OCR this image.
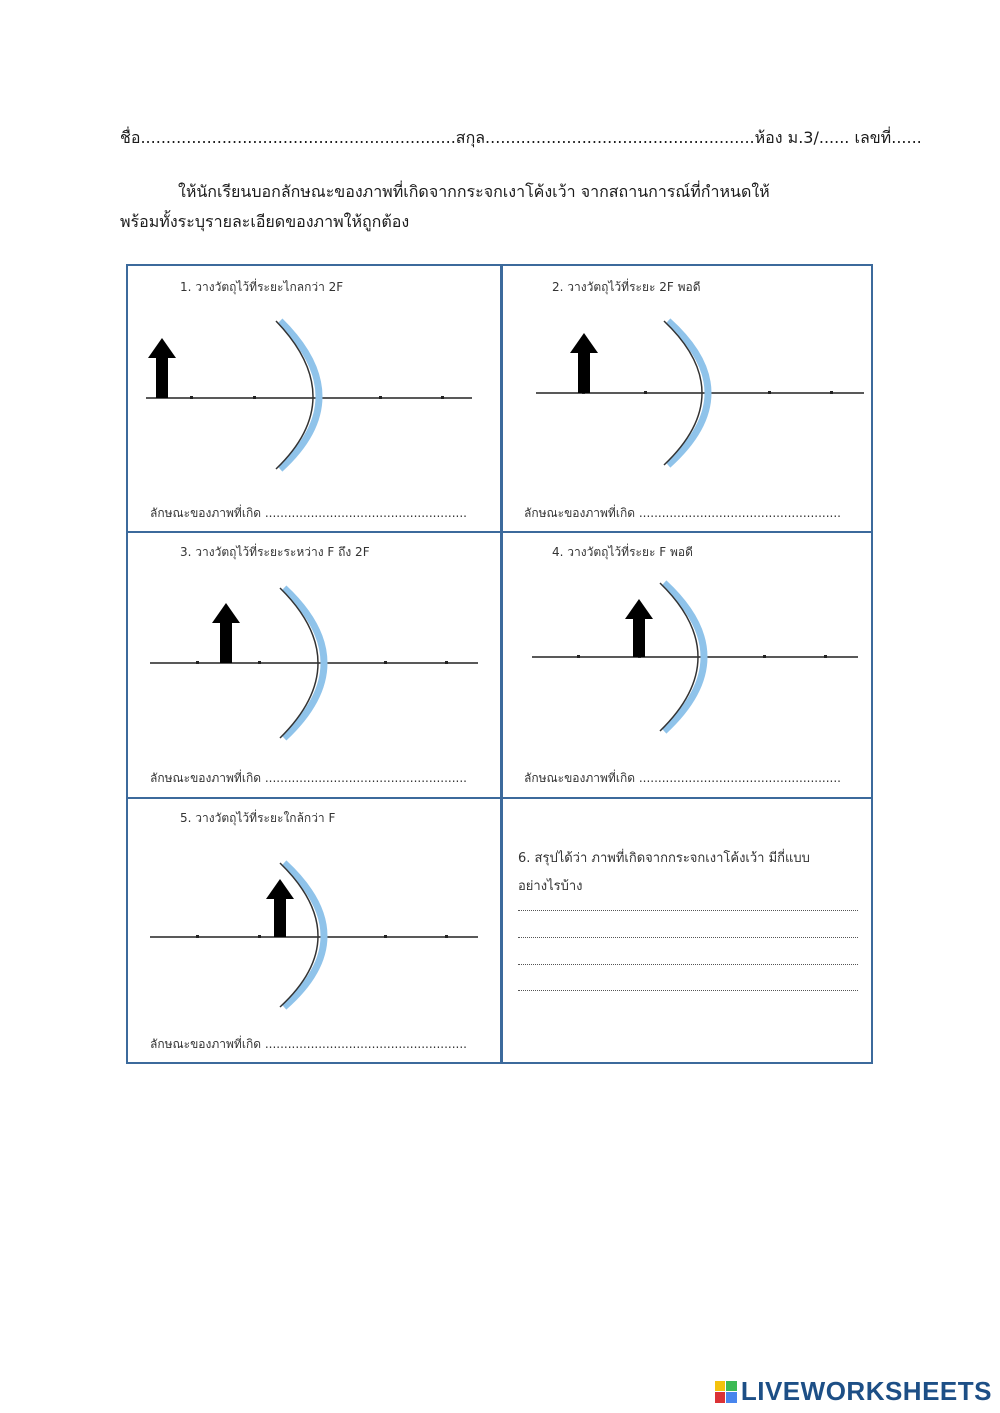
ชื่อ..............................................................สกุล.....................................................ห้อง ม.3/...... เลขที่......
ให้นักเรียนบอกลักษณะของภาพที่เกิดจากกระจกเงาโค้งเว้า จากสถานการณ์ที่กำหนดให้
พร้อมทั้งระบุรายละเอียดของภาพให้ถูกต้อง
1. วางวัตถุไว้ที่ระยะไกลกว่า 2F
ลักษณะของภาพที่เกิด .....................................................
2. วางวัตถุไว้ที่ระยะ 2F พอดี
ลักษณะของภาพที่เกิด .....................................................
3. วางวัตถุไว้ที่ระยะระหว่าง F ถึง 2F
ลักษณะของภาพที่เกิด .....................................................
4. วางวัตถุไว้ที่ระยะ F พอดี
ลักษณะของภาพที่เกิด .....................................................
5. วางวัตถุไว้ที่ระยะใกล้กว่า F
ลักษณะของภาพที่เกิด .....................................................
6. สรุปได้ว่า ภาพที่เกิดจากกระจกเงาโค้งเว้า มีกี่แบบ อย่างไรบ้าง
LIVEWORKSHEETS
